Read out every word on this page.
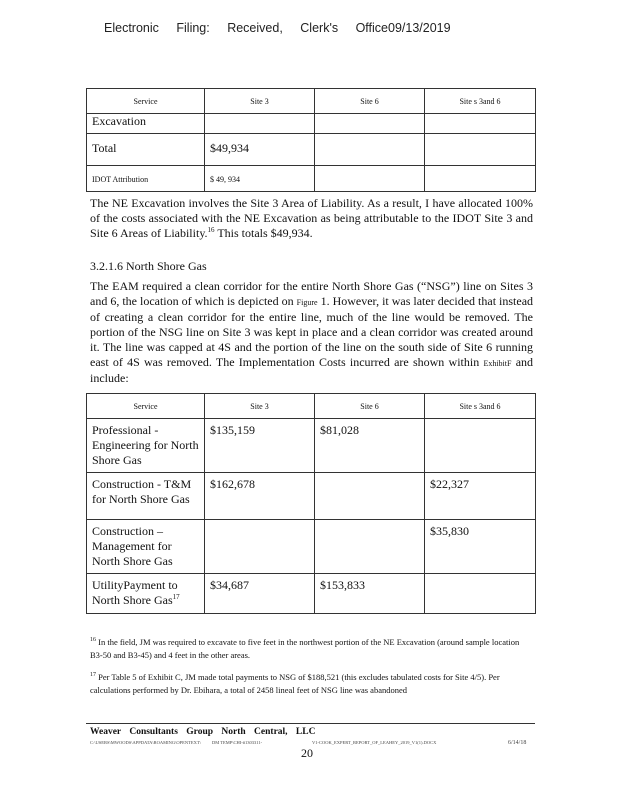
Electronic Filing: Received, Clerk's Office09/13/2019
Service	Site 3	Site 6	Site s 3and 6
Excavation			
Total	$49,934		
IDOT Attribution	$ 49, 934		
The NE Excavation involves the Site 3 Area of Liability. As a result, I have allocated 100% of the costs associated with the NE Excavation as being attributable to the IDOT Site 3 and Site 6 Areas of Liability.$^{16}$ This totals $49,934.
3.2.1.6 North Shore Gas
The EAM required a clean corridor for the entire North Shore Gas (“NSG”) line on Sites 3 and 6, the location of which is depicted on Figure 1. However, it was later decided that instead of creating a clean corridor for the entire line, much of the line would be removed. The portion of the NSG line on Site 3 was kept in place and a clean corridor was created around it. The line was capped at 4S and the portion of the line on the south side of Site 6 running east of 4S was removed. The Implementation Costs incurred are shown within ExhibitF and include:
Service	Site 3	Site 6	Site s 3and 6
Professional - Engineering for North Shore Gas	$135,159	$81,028	
Construction - T&M for North Shore Gas	$162,678		$22,327
Construction – Management for North Shore Gas			$35,830
UtilityPayment to North Shore Gas$^{17}$	$34,687	$153,833	
$^{16}$ In the field, JM was required to excavate to five feet in the northwest portion of the NE Excavation (around sample location B3-50 and B3-45) and 4 feet in the other areas.
$^{17}$ Per Table 5 of Exhibit C, JM made total payments to NSG of $188,521 (this excludes tabulated costs for Site 4/5). Per calculations performed by Dr. Ebihara, a total of 2458 lineal feet of NSG line was abandoned
Weaver Consultants Group North Central, LLC
C:\USERS\MWOODS\APPDATA\ROAMING\OPENTEXT\ DM TEMP\CHI-#1303311-	V1-COOK_EXPERT_REPORT_OF_LEAHEY_2019_V1(1).DOCX	6/14/18
20
